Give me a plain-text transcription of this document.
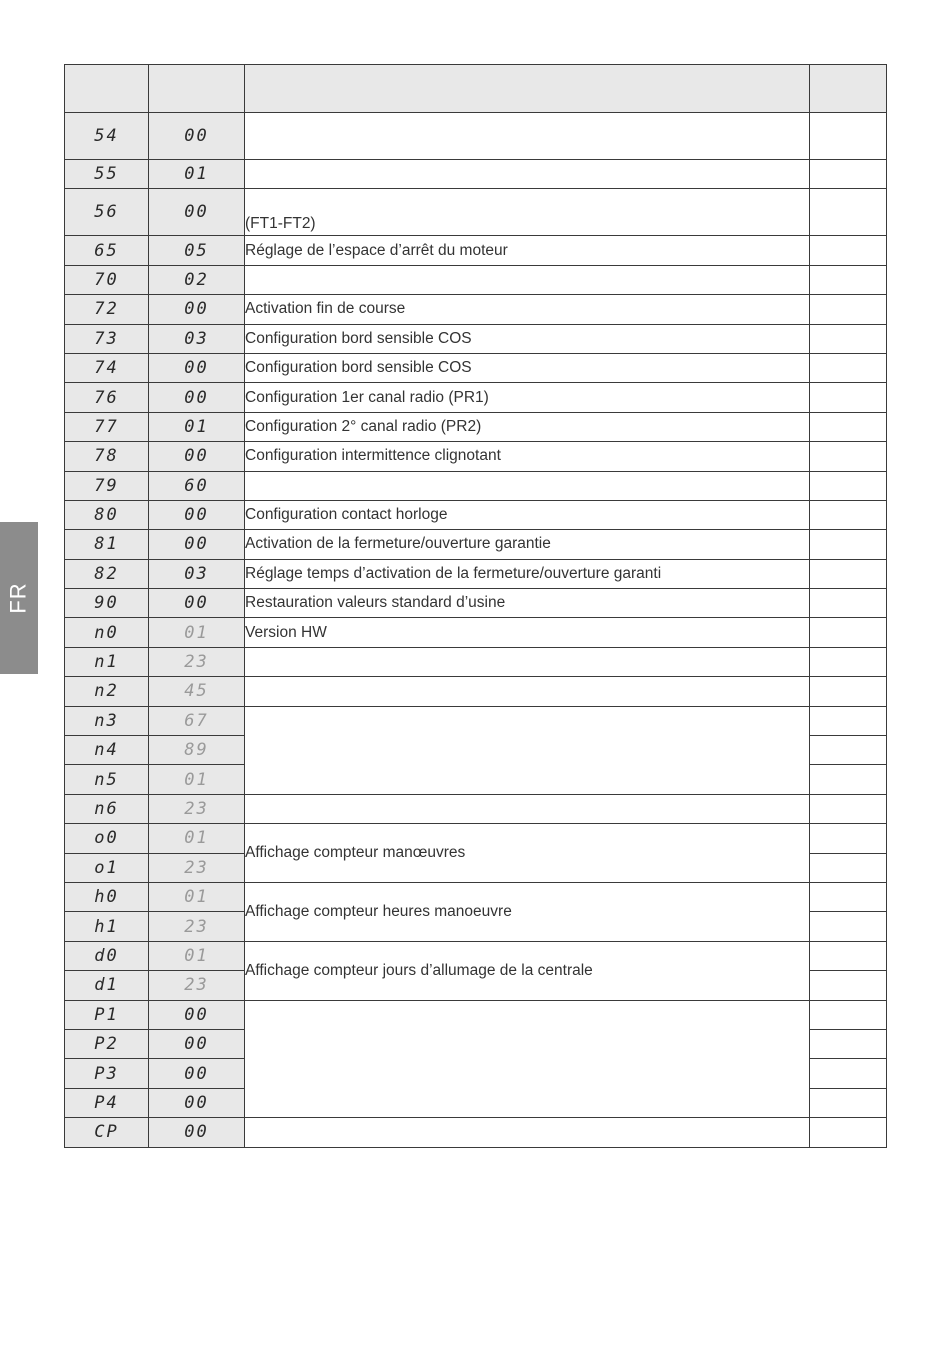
FR

54	00		
55	01		
56	00	(FT1-FT2)	
65	05	Réglage de l’espace d’arrêt du moteur	
70	02		
72	00	Activation fin de course	
73	03	Configuration bord sensible COS	
74	00	Configuration bord sensible COS	
76	00	Configuration 1er canal radio (PR1)	
77	01	Configuration 2° canal radio (PR2)	
78	00	Configuration intermittence clignotant	
79	60		
80	00	Configuration contact horloge	
81	00	Activation de la fermeture/ouverture garantie	
82	03	Réglage temps d’activation de la fermeture/ouverture garanti	
90	00	Restauration valeurs standard d’usine	
n0	01	Version HW	
n1	23		
n2	45		
n3	67		
n4	89		
n5	01		
n6	23		
o0	01	Affichage compteur manœuvres	
o1	23		
h0	01	Affichage compteur heures manoeuvre	
h1	23		
d0	01	Affichage compteur jours d’allumage de la centrale	
d1	23		
P1	00		
P2	00		
P3	00		
P4	00		
CP	00		
